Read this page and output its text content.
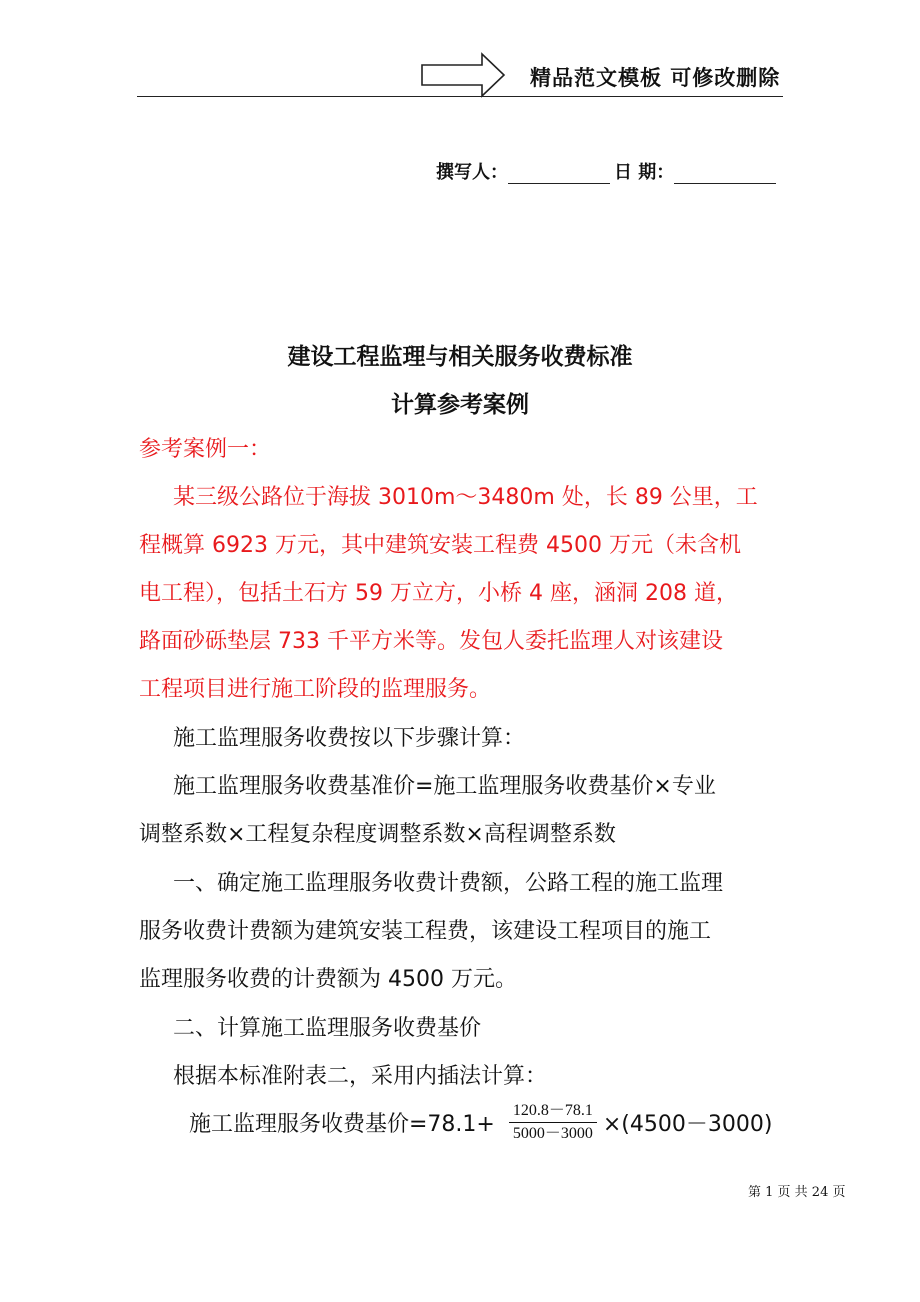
精品范文模板 可修改删除
撰写人：	日 期：
建设工程监理与相关服务收费标准
计算参考案例
参考案例一：
某三级公路位于海拔 3010m～3480m 处，长 89 公里，工
程概算 6923 万元，其中建筑安装工程费 4500 万元（未含机
电工程），包括土石方 59 万立方，小桥 4 座，涵洞 208 道，
路面砂砾垫层 733 千平方米等。发包人委托监理人对该建设
工程项目进行施工阶段的监理服务。
施工监理服务收费按以下步骤计算：
施工监理服务收费基准价=施工监理服务收费基价×专业
调整系数×工程复杂程度调整系数×高程调整系数
一、确定施工监理服务收费计费额，公路工程的施工监理
服务收费计费额为建筑安装工程费，该建设工程项目的施工
监理服务收费的计费额为 4500 万元。
二、计算施工监理服务收费基价
根据本标准附表二，采用内插法计算：
施工监理服务收费基价$=78.1+ \frac{120.8-78.1}{5000-3000} \times(4500-3000)$
第 1 页 共 24 页
